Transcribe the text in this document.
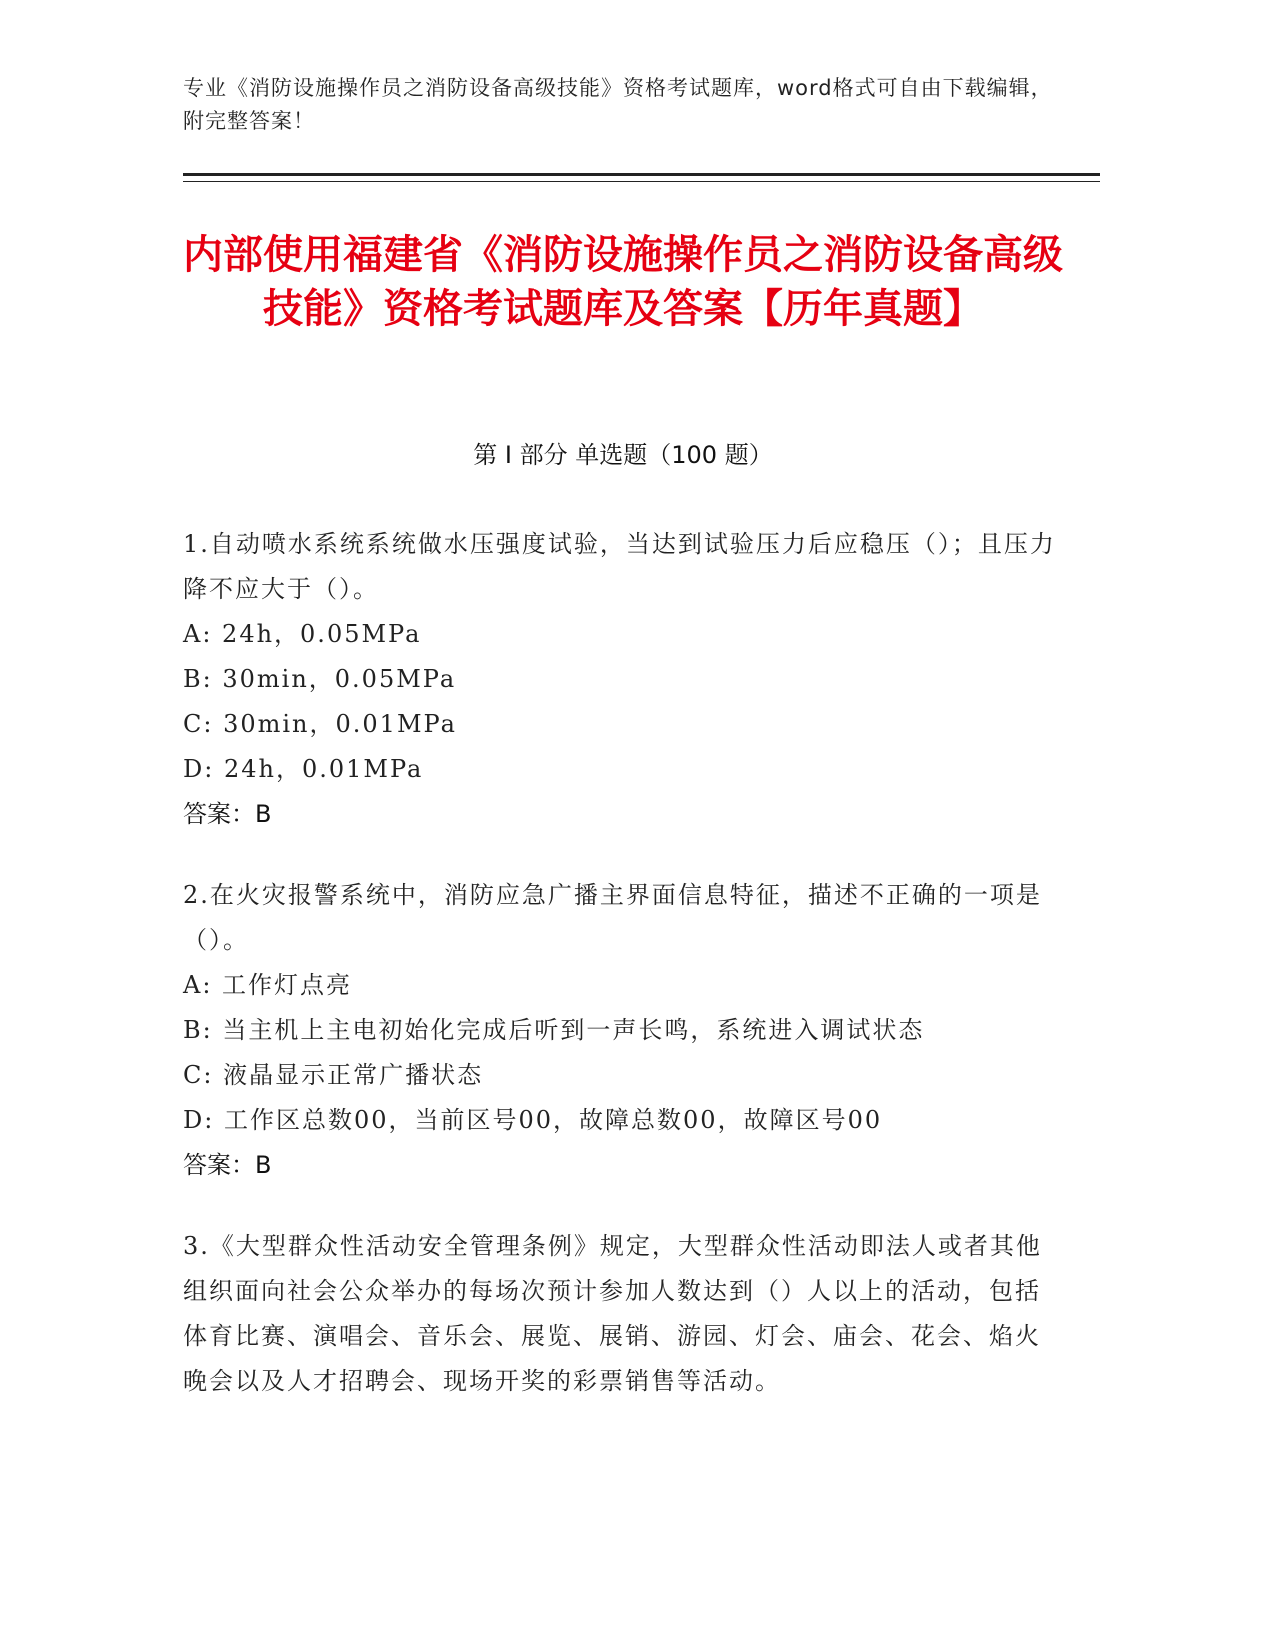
专业《消防设施操作员之消防设备高级技能》资格考试题库，word格式可自由下载编辑，附完整答案！
内部使用福建省《消防设施操作员之消防设备高级技能》资格考试题库及答案【历年真题】
第 I 部分 单选题（100 题）

1.自动喷水系统系统做水压强度试验，当达到试验压力后应稳压（）；且压力降不应大于（）。

A: 24h，0.05MPa

B: 30min，0.05MPa

C: 30min，0.01MPa

D: 24h，0.01MPa

答案：B

2.在火灾报警系统中，消防应急广播主界面信息特征，描述不正确的一项是（）。

A: 工作灯点亮

B: 当主机上主电初始化完成后听到一声长鸣，系统进入调试状态

C: 液晶显示正常广播状态

D: 工作区总数00，当前区号00，故障总数00，故障区号00

答案：B

3.《大型群众性活动安全管理条例》规定，大型群众性活动即法人或者其他组织面向社会公众举办的每场次预计参加人数达到（）人以上的活动，包括体育比赛、演唱会、音乐会、展览、展销、游园、灯会、庙会、花会、焰火晚会以及人才招聘会、现场开奖的彩票销售等活动。
